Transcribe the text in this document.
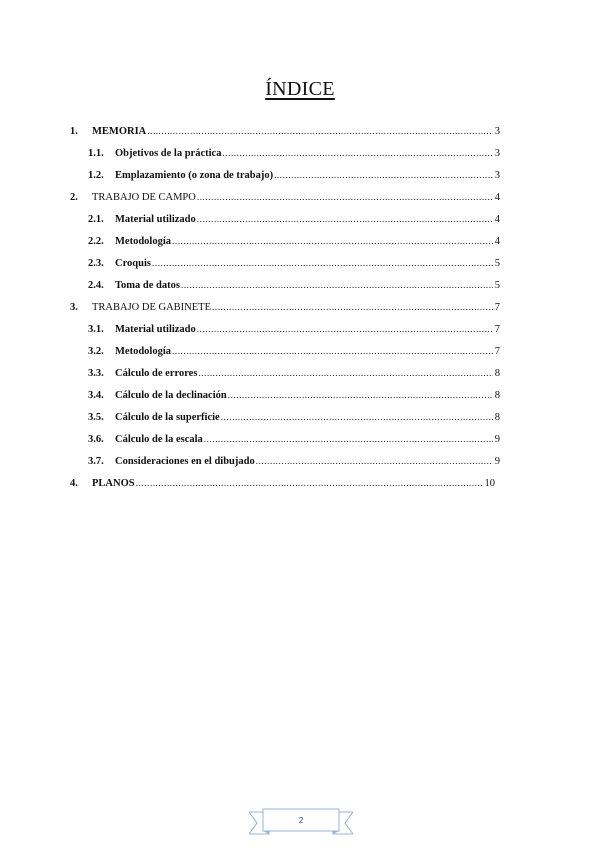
ÍNDICE
1.	MEMORIA .....	3
1.1.	Objetivos de la práctica .....	3
1.2.	Emplazamiento (o zona de trabajo) .....	3
2.	TRABAJO DE CAMPO .....	4
2.1.	Material utilizado .....	4
2.2.	Metodología .....	4
2.3.	Croquis .....	5
2.4.	Toma de datos .....	5
3.	TRABAJO DE GABINETE .....	7
3.1.	Material utilizado .....	7
3.2.	Metodología .....	7
3.3.	Cálculo de errores .....	8
3.4.	Cálculo de la declinación .....	8
3.5.	Cálculo de la superficie .....	8
3.6.	Cálculo de la escala .....	9
3.7.	Consideraciones en el dibujado .....	9
4.	PLANOS .....	10
2
